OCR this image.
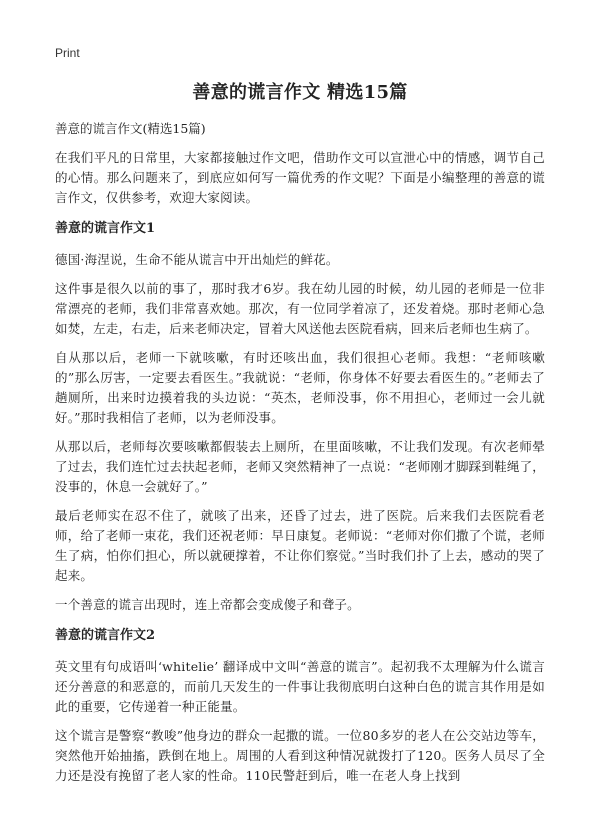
Print
善意的谎言作文 精选15篇
善意的谎言作文(精选15篇)

在我们平凡的日常里，大家都接触过作文吧，借助作文可以宣泄心中的情感，调节自己的心情。那么问题来了，到底应如何写一篇优秀的作文呢？下面是小编整理的善意的谎言作文，仅供参考，欢迎大家阅读。

善意的谎言作文1

德国·海涅说，生命不能从谎言中开出灿烂的鲜花。

这件事是很久以前的事了，那时我才6岁。我在幼儿园的时候，幼儿园的老师是一位非常漂亮的老师，我们非常喜欢她。那次，有一位同学着凉了，还发着烧。那时老师心急如焚，左走，右走，后来老师决定，冒着大风送他去医院看病，回来后老师也生病了。

自从那以后，老师一下就咳嗽，有时还咳出血，我们很担心老师。我想：“老师咳嗽的”那么厉害，一定要去看医生。”我就说：“老师，你身体不好要去看医生的。”老师去了趟厕所，出来时边摸着我的头边说：“英杰，老师没事，你不用担心，老师过一会儿就好。”那时我相信了老师，以为老师没事。

从那以后，老师每次要咳嗽都假装去上厕所，在里面咳嗽，不让我们发现。有次老师晕了过去，我们连忙过去扶起老师，老师又突然精神了一点说：“老师刚才脚踩到鞋绳了，没事的，休息一会就好了。”

最后老师实在忍不住了，就咳了出来，还昏了过去，进了医院。后来我们去医院看老师，给了老师一束花，我们还祝老师：早日康复。老师说：“老师对你们撒了个谎，老师生了病，怕你们担心，所以就硬撑着，不让你们察觉。”当时我们扑了上去，感动的哭了起来。

一个善意的谎言出现时，连上帝都会变成傻子和聋子。

善意的谎言作文2

英文里有句成语叫‘whitelie’ 翻译成中文叫“善意的谎言”。起初我不太理解为什么谎言还分善意的和恶意的，而前几天发生的一件事让我彻底明白这种白色的谎言其作用是如此的重要，它传递着一种正能量。

这个谎言是警察“教唆”他身边的群众一起撒的谎。一位80多岁的老人在公交站边等车，突然他开始抽搐，跌倒在地上。周围的人看到这种情况就拨打了120。医务人员尽了全力还是没有挽留了老人家的性命。110民警赶到后，唯一在老人身上找到
